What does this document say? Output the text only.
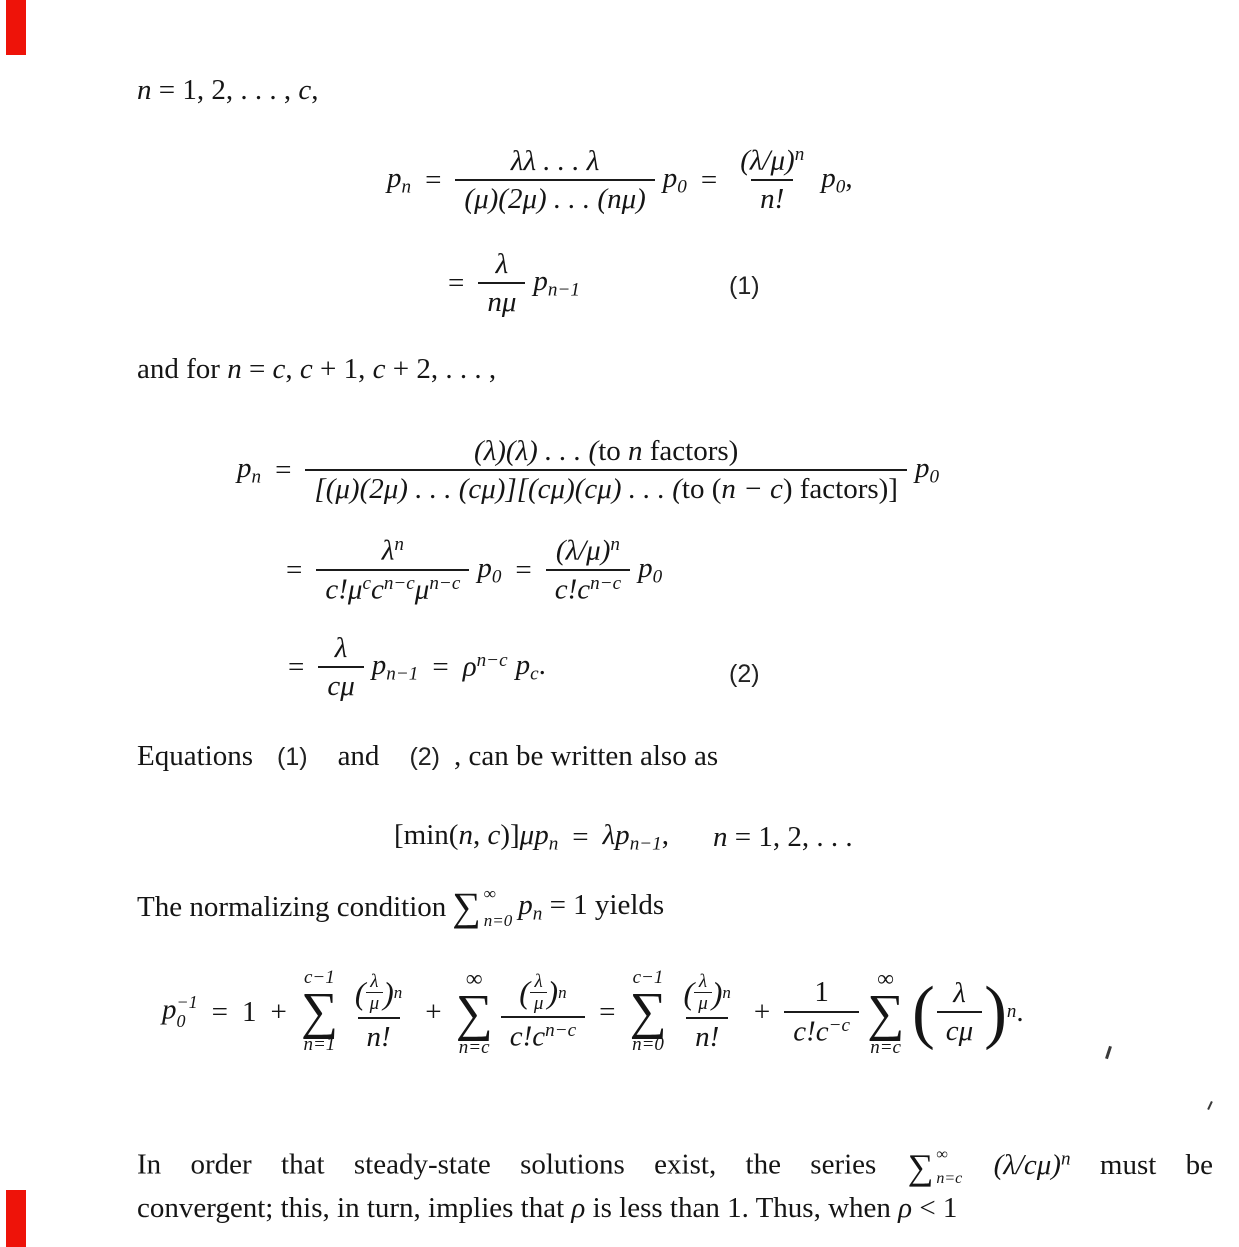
n = 1, 2, . . . , c,
pn = $\frac{\lambda\lambda . . . \lambda}{(\mu)(2\mu) . . . (n\mu)} p0 = \frac{(\lambda/\mu)^n}{n!} p0$,
= $\frac{\lambda}{n\mu} pn-1$	(1)
and for n = c, c + 1, c + 2, . . . ,
pn = $\frac{\text{(λ)(λ) . . . (to n factors)}}{\text{[(μ)(2μ) . . . (cμ)][(cμ)(cμ) . . . (to (n − c) factors)]}} p0$
= $\frac{\lambda^n}{c!\mu^cc^{n-c}\mu^{n-c}} p0 = \frac{(\lambda/\mu)^n}{c!c^{n-c}} p0$
= $\frac{\lambda}{c\mu} pn-1 = \rho^{n-c}$ pc.	(2)
Equations (1) and (2) , can be written also as
[min(n, $c)]\mu p_n = \lambda p_{n-1}$, n = 1, 2, . . .
The normalizing condition ∑ ∞
n=0 $p_n = 1$ yields
p −1
0 = 1 +
c−1
∑
$n=1 \frac{( \frac{\lambda}{\mu} ) n}{n!}$ +
∞
∑
$n=c \frac{( \frac{\lambda}{\mu} ) n}{c!c^{n-c}}$ =
c−1
∑
$n=0 \frac{( \frac{\lambda}{\mu} ) n}{n!} + \frac{1}{c!c^{-c}}$ ∞
∑
n=c ( $\frac{\lambda}{c\mu}$ ) n .
In order that steady-state solutions exist, the series ∑ ∞
n=c $(\lambda/c\mu)^n$ must be
convergent; this, in turn, implies that ρ is less than 1. Thus, when ρ < 1
